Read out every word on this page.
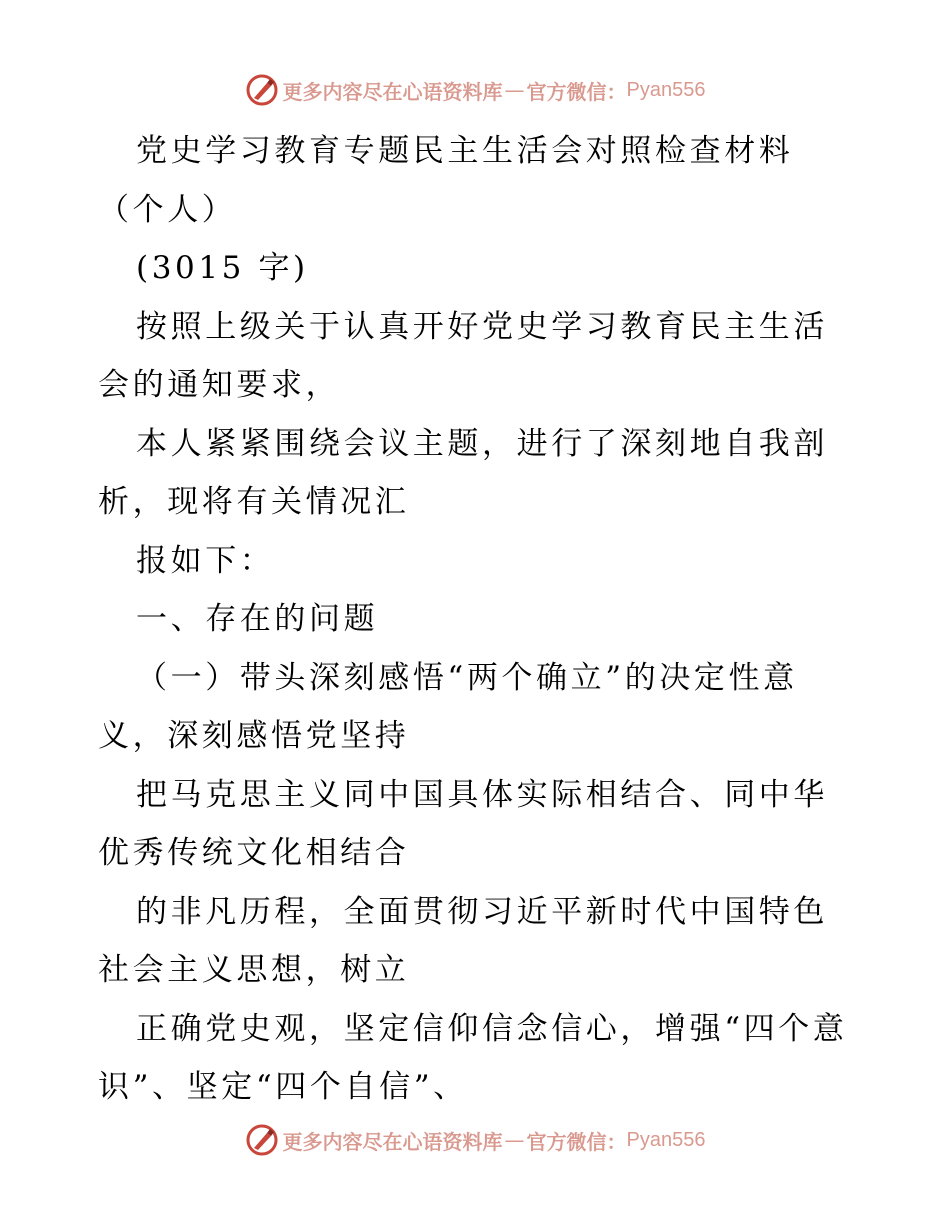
更多内容尽在心语资料库 — 官方微信： Pyan556

党史学习教育专题民主生活会对照检查材料（个人）

(3015 字)

按照上级关于认真开好党史学习教育民主生活会的通知要求，

本人紧紧围绕会议主题，进行了深刻地自我剖析，现将有关情况汇

报如下：

一、存在的问题

（一）带头深刻感悟“两个确立”的决定性意义，深刻感悟党坚持

把马克思主义同中国具体实际相结合、同中华优秀传统文化相结合

的非凡历程，全面贯彻习近平新时代中国特色社会主义思想，树立

正确党史观，坚定信仰信念信心，增强“四个意识”、坚定“四个自信”、

更多内容尽在心语资料库 — 官方微信： Pyan556
